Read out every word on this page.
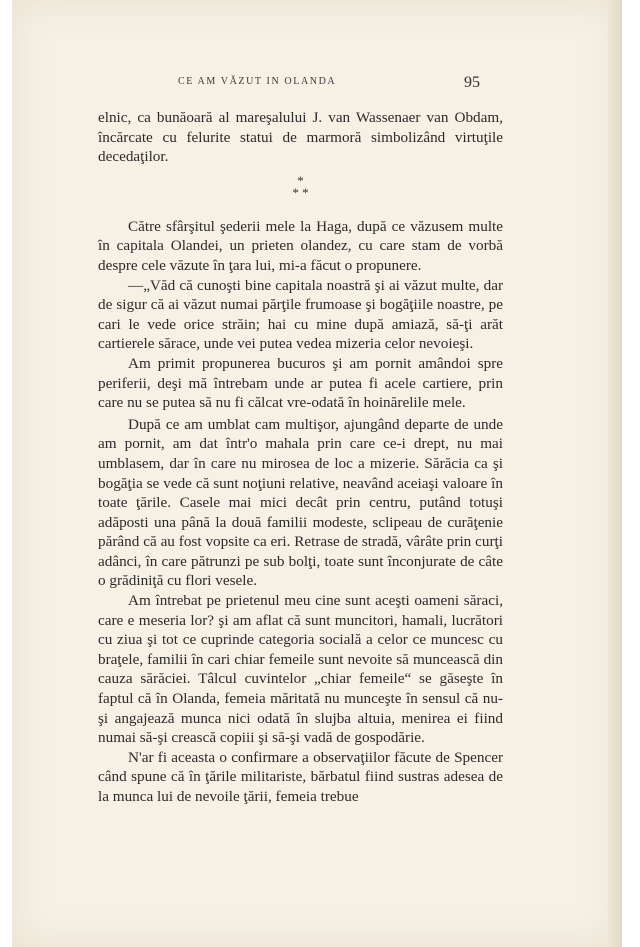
CE AM VĂZUT IN OLANDA	95

elnic, ca bunăoară al mareşalului J. van Wassenaer van Obdam, încărcate cu felurite statui de marmoră simbolizând virtuţile decedaţilor.

*
* *

Către sfârşitul şederii mele la Haga, după ce văzusem multe în capitala Olandei, un prieten olandez, cu care stam de vorbă despre cele văzute în ţara lui, mi-a făcut o propunere.

—„Văd că cunoşti bine capitala noastră şi ai văzut multe, dar de sigur că ai văzut numai părţile frumoase şi bogăţiile noastre, pe cari le vede orice străin; hai cu mine după amiază, să-ţi arăt cartierele sărace, unde vei putea vedea mizeria celor nevoieşi.

Am primit propunerea bucuros şi am pornit amândoi spre periferii, deşi mă întrebam unde ar putea fi acele cartiere, prin care nu se putea să nu fi călcat vre-odată în hoinărelile mele.

După ce am umblat cam multişor, ajungând departe de unde am pornit, am dat într'o mahala prin care ce-i drept, nu mai umblasem, dar în care nu mirosea de loc a mizerie. Sărăcia ca şi bogăţia se vede că sunt noţiuni relative, neavând aceiaşi valoare în toate ţările. Casele mai mici decât prin centru, putând totuşi adăposti una până la două familii modeste, sclipeau de curăţenie părând că au fost vopsite ca eri. Retrase de stradă, vârâte prin curţi adânci, în care pătrunzi pe sub bolţi, toate sunt înconjurate de câte o grădiniţă cu flori vesele.

Am întrebat pe prietenul meu cine sunt aceşti oameni săraci, care e meseria lor? şi am aflat că sunt muncitori, hamali, lucrători cu ziua şi tot ce cuprinde categoria socială a celor ce muncesc cu braţele, familii în cari chiar femeile sunt nevoite să muncească din cauza sărăciei. Tâlcul cuvintelor „chiar femeile“ se găseşte în faptul că în Olanda, femeia măritată nu munceşte în sensul că nu-şi angajează munca nici odată în slujba altuia, menirea ei fiind numai să-şi crească copiii şi să-şi vadă de gospodărie.

N'ar fi aceasta o confirmare a observaţiilor făcute de Spencer când spune că în ţările militariste, bărbatul fiind sustras adesea de la munca lui de nevoile ţării, femeia trebue
